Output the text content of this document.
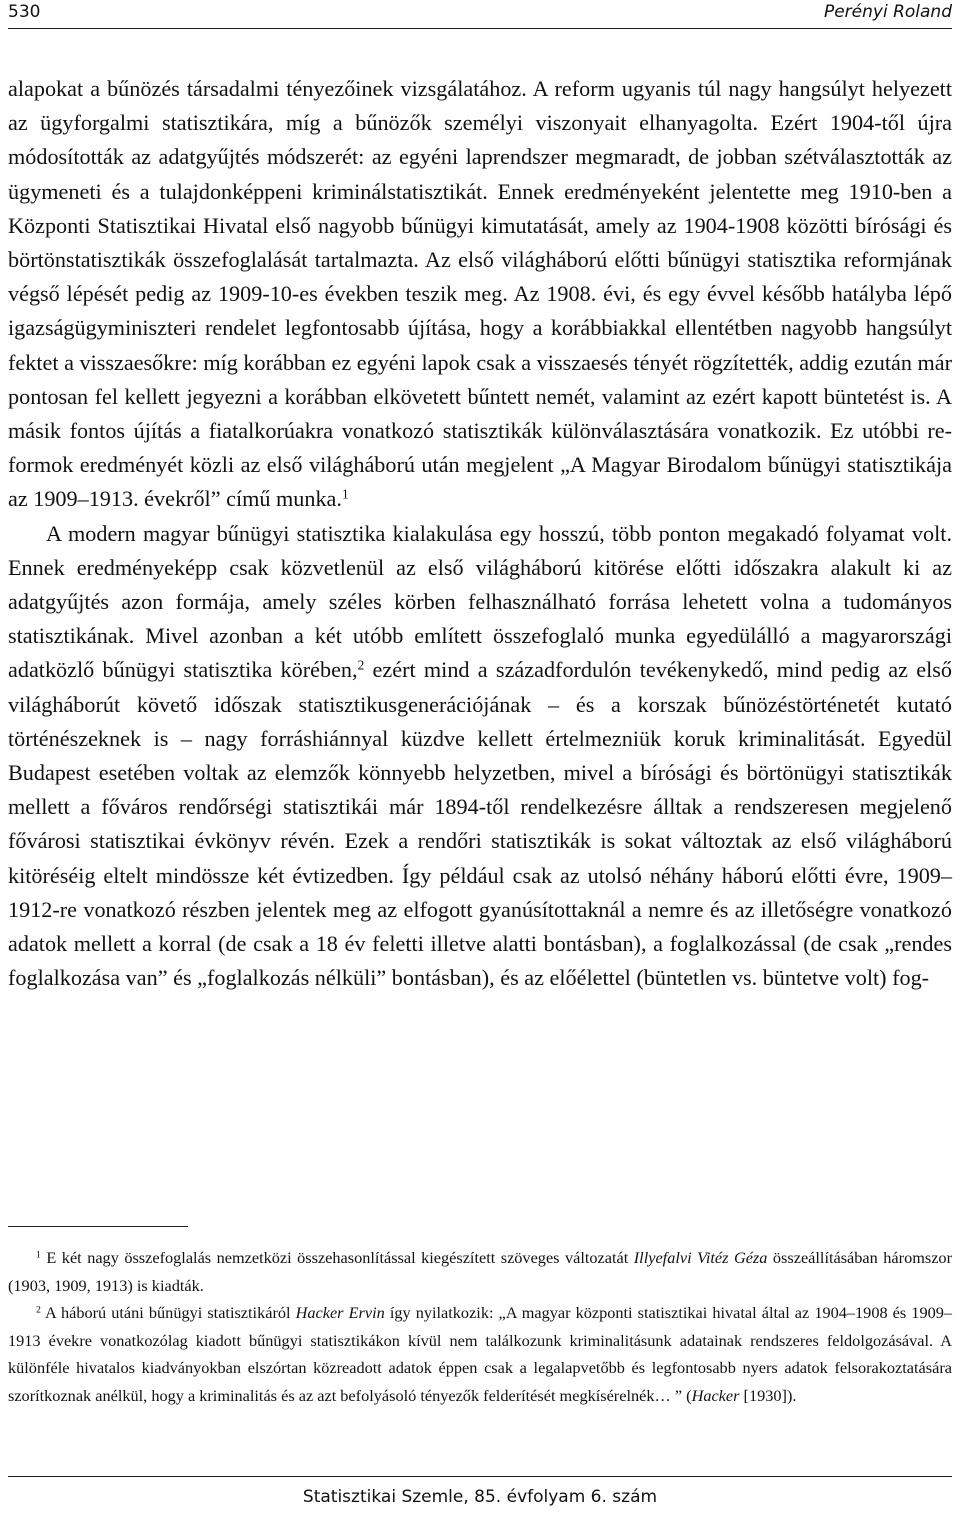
530	Perényi Roland

alapokat a bűnözés társadalmi tényezőinek vizsgálatához. A reform ugyanis túl nagy hangsúlyt helyezett az ügyforgalmi statisztikára, míg a bűnözők személyi viszonyait elhanyagolta. Ezért 1904-től újra módosították az adatgyűjtés módszerét: az egyéni laprendszer megmaradt, de jobban szétválasztották az ügymeneti és a tulajdonképpeni kriminálstatisztikát. Ennek eredményeként jelentette meg 1910-ben a Központi Statisztikai Hivatal első nagyobb bűnügyi kimutatását, amely az 1904-1908 közötti bírósági és börtönstatisztikák összefoglalását tartalmazta. Az első világháború előtti bűnügyi statisztika reformjának végső lépését pedig az 1909-10-es években teszik meg. Az 1908. évi, és egy évvel később hatályba lépő igazságügyminiszteri rendelet legfontosabb újítása, hogy a korábbiakkal ellentétben nagyobb hangsúlyt fektet a visszaesőkre: míg korábban ez egyéni lapok csak a visszaesés tényét rögzítették, addig ezután már pontosan fel kellett jegyezni a korábban elkövetett bűntett nemét, valamint az ezért kapott büntetést is. A másik fontos újítás a fiatalkorúakra vonatkozó statisztikák különválasztására vonatkozik. Ez utóbbi reformok eredményét közli az első világháború után megjelent „A Magyar Birodalom bűnügyi statisztikája az 1909–1913. évekről” című munka.$^1$

A modern magyar bűnügyi statisztika kialakulása egy hosszú, több ponton megakadó folyamat volt. Ennek eredményeképp csak közvetlenül az első világháború kitörése előtti időszakra alakult ki az adatgyűjtés azon formája, amely széles körben felhasználható forrása lehetett volna a tudományos statisztikának. Mivel azonban a két utóbb említett összefoglaló munka egyedülálló a magyarországi adatközlő bűnügyi statisztika körében,$^2$ ezért mind a századfordulón tevékenykedő, mind pedig az első világháborút követő időszak statisztikusgenerációjának – és a korszak bűnözéstörténetét kutató történészeknek is – nagy forráshiánnyal küzdve kellett értelmezniük koruk kriminalitását. Egyedül Budapest esetében voltak az elemzők könnyebb helyzetben, mivel a bírósági és börtönügyi statisztikák mellett a főváros rendőrségi statisztikái már 1894-től rendelkezésre álltak a rendszeresen megjelenő fővárosi statisztikai évkönyv révén. Ezek a rendőri statisztikák is sokat változtak az első világháború kitöréséig eltelt mindössze két évtizedben. Így például csak az utolsó néhány háború előtti évre, 1909–1912-re vonatkozó részben jelentek meg az elfogott gyanúsítottaknál a nemre és az illetőségre vonatkozó adatok mellett a korral (de csak a 18 év feletti illetve alatti bontásban), a foglalkozással (de csak „rendes foglalkozása van” és „foglalkozás nélküli” bontásban), és az előélettel (büntetlen vs. büntetve volt) fog-

$^1$ E két nagy összefoglalás nemzetközi összehasonlítással kiegészített szöveges változatát Illyefalvi Vitéz Géza összeállításában háromszor (1903, 1909, 1913) is kiadták.

$^2$ A háború utáni bűnügyi statisztikáról Hacker Ervin így nyilatkozik: „A magyar központi statisztikai hivatal által az 1904–1908 és 1909–1913 évekre vonatkozólag kiadott bűnügyi statisztikákon kívül nem találkozunk kriminalitásunk adatainak rendszeres feldolgozásával. A különféle hivatalos kiadványokban elszórtan közreadott adatok éppen csak a legalapvetőbb és legfontosabb nyers adatok felsorakoztatására szorítkoznak anélkül, hogy a kriminalitás és az azt befolyásoló tényezők felderítését megkísérelnék… ” (Hacker [1930]).

Statisztikai Szemle, 85. évfolyam 6. szám
